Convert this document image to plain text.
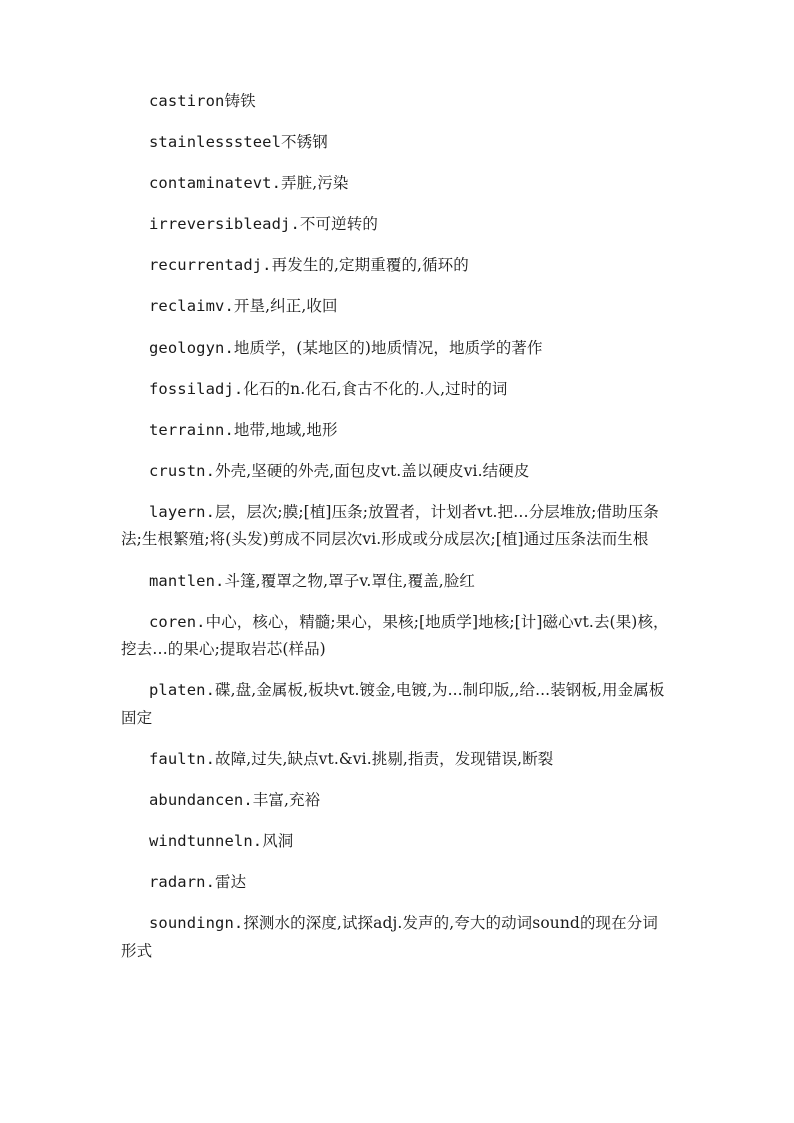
castiron铸铁
stainlesssteel不锈钢
contaminatevt.弄脏,污染
irreversibleadj.不可逆转的
recurrentadj.再发生的,定期重覆的,循环的
reclaimv.开垦,纠正,收回
geologyn.地质学，(某地区的)地质情况，地质学的著作
fossiladj.化石的n.化石,食古不化的.人,过时的词
terrainn.地带,地域,地形
crustn.外壳,坚硬的外壳,面包皮vt.盖以硬皮vi.结硬皮
layern.层，层次;膜;[植]压条;放置者，计划者vt.把…分层堆放;借助压条法;生根繁殖;将(头发)剪成不同层次vi.形成或分成层次;[植]通过压条法而生根
mantlen.斗篷,覆罩之物,罩子v.罩住,覆盖,脸红
coren.中心，核心，精髓;果心，果核;[地质学]地核;[计]磁心vt.去(果)核，挖去…的果心;提取岩芯(样品)
platen.碟,盘,金属板,板块vt.镀金,电镀,为...制印版,,给...装钢板,用金属板固定
faultn.故障,过失,缺点vt.&vi.挑剔,指责，发现错误,断裂
abundancen.丰富,充裕
windtunneln.风洞
radarn.雷达
soundingn.探测水的深度,试探adj.发声的,夸大的动词sound的现在分词形式
